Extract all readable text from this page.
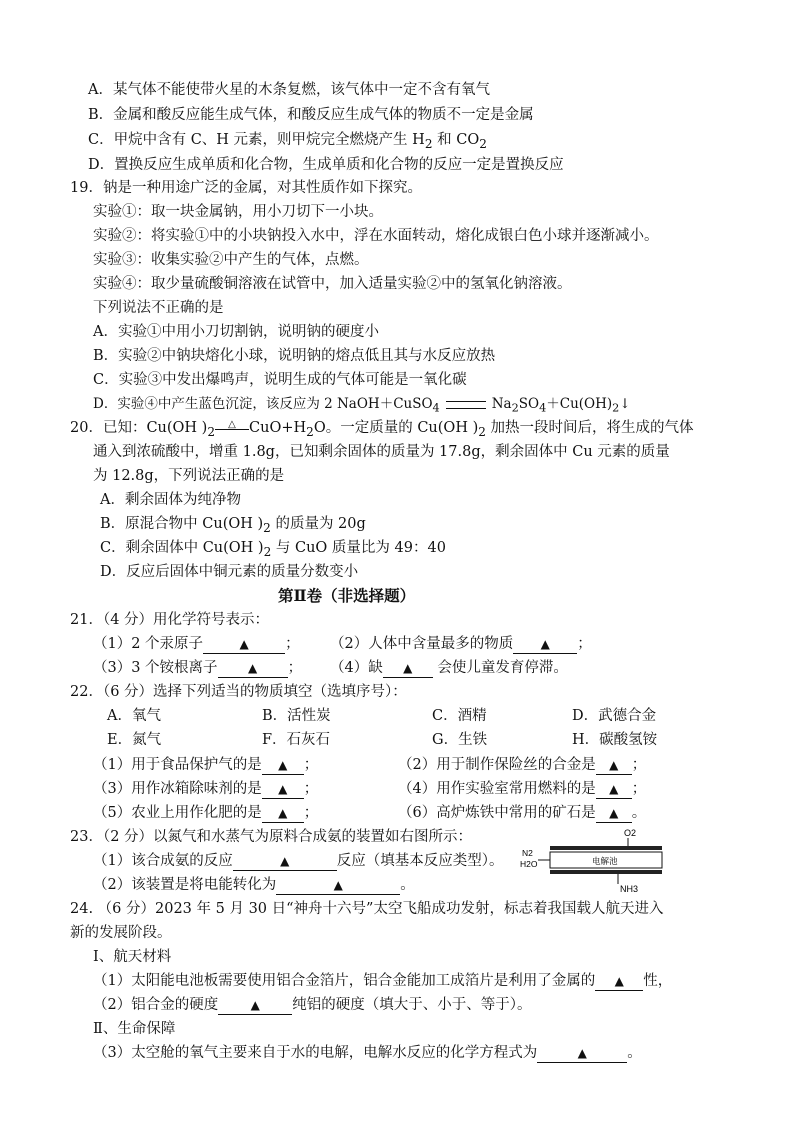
A．某气体不能使带火星的木条复燃，该气体中一定不含有氧气
B．金属和酸反应能生成气体，和酸反应生成气体的物质不一定是金属
C．甲烷中含有 C、H 元素，则甲烷完全燃烧产生 $H_2$ 和 $CO_2$
D．置换反应生成单质和化合物，生成单质和化合物的反应一定是置换反应
19．钠是一种用途广泛的金属，对其性质作如下探究。
实验①：取一块金属钠，用小刀切下一小块。
实验②：将实验①中的小块钠投入水中，浮在水面转动，熔化成银白色小球并逐渐减小。
实验③：收集实验②中产生的气体，点燃。
实验④：取少量硫酸铜溶液在试管中，加入适量实验②中的氢氧化钠溶液。
下列说法不正确的是
A．实验①中用小刀切割钠，说明钠的硬度小
B．实验②中钠块熔化小球，说明钠的熔点低且其与水反应放热
C．实验③中发出爆鸣声，说明生成的气体可能是一氧化碳
D．实验④中产生蓝色沉淀，该反应为 2 NaOH＋CuSO$_4$	$Na_2SO_4+Cu(OH)_2↓$
20．已知：Cu(OH )$_2$
△ $CuO+H_2O$。一定质量的 Cu(OH )$_2$ 加热一段时间后，将生成的气体
通入到浓硫酸中，增重 1.8g，已知剩余固体的质量为 17.8g，剩余固体中 Cu 元素的质量
为 12.8g，下列说法正确的是
A．剩余固体为纯净物
B．原混合物中 Cu(OH )$_2$ 的质量为 20g
C．剩余固体中 Cu(OH )$_2$ 与 CuO 质量比为 49：40
D．反应后固体中铜元素的质量分数变小
第Ⅱ卷（非选择题）
21．（4 分）用化学符号表示：
（1）2 个汞原子	▲	； （2）人体中含量最多的物质 ▲ ；
（3）3 个铵根离子	▲ ； （4）缺 ▲ 会使儿童发育停滞。
22．（6 分）选择下列适当的物质填空（选填序号）：
A．氧气	B．活性炭	C．酒精	D．武德合金
E．氮气	F．石灰石	G．生铁	H．碳酸氢铵
（1）用于食品保护气的是 ▲ ；	（2）用于制作保险丝的合金是 ▲ ；
（3）用作冰箱除味剂的是 ▲ ；	（4）用作实验室常用燃料的是 ▲ ；
（5）农业上用作化肥的是 ▲ ；	（6）高炉炼铁中常用的矿石是 ▲ 。
23．（2 分）以氮气和水蒸气为原料合成氨的装置如右图所示：
（1）该合成氨的反应	▲	反应（填基本反应类型）。
（2）该装置是将电能转化为	▲	。
O2
电解池
N2
H2O
NH3
24. （6 分）2023 年 5 月 30 日“神舟十六号”太空飞船成功发射，标志着我国载人航天进入
新的发展阶段。
Ⅰ、航天材料
（1）太阳能电池板需要使用铝合金箔片，铝合金能加工成箔片是利用了金属的 ▲ 性，
（2）铝合金的硬度	▲ 纯铝的硬度（填大于、小于、等于）。
Ⅱ、生命保障
（3）太空舱的氧气主要来自于水的电解，电解水反应的化学方程式为	▲	。
